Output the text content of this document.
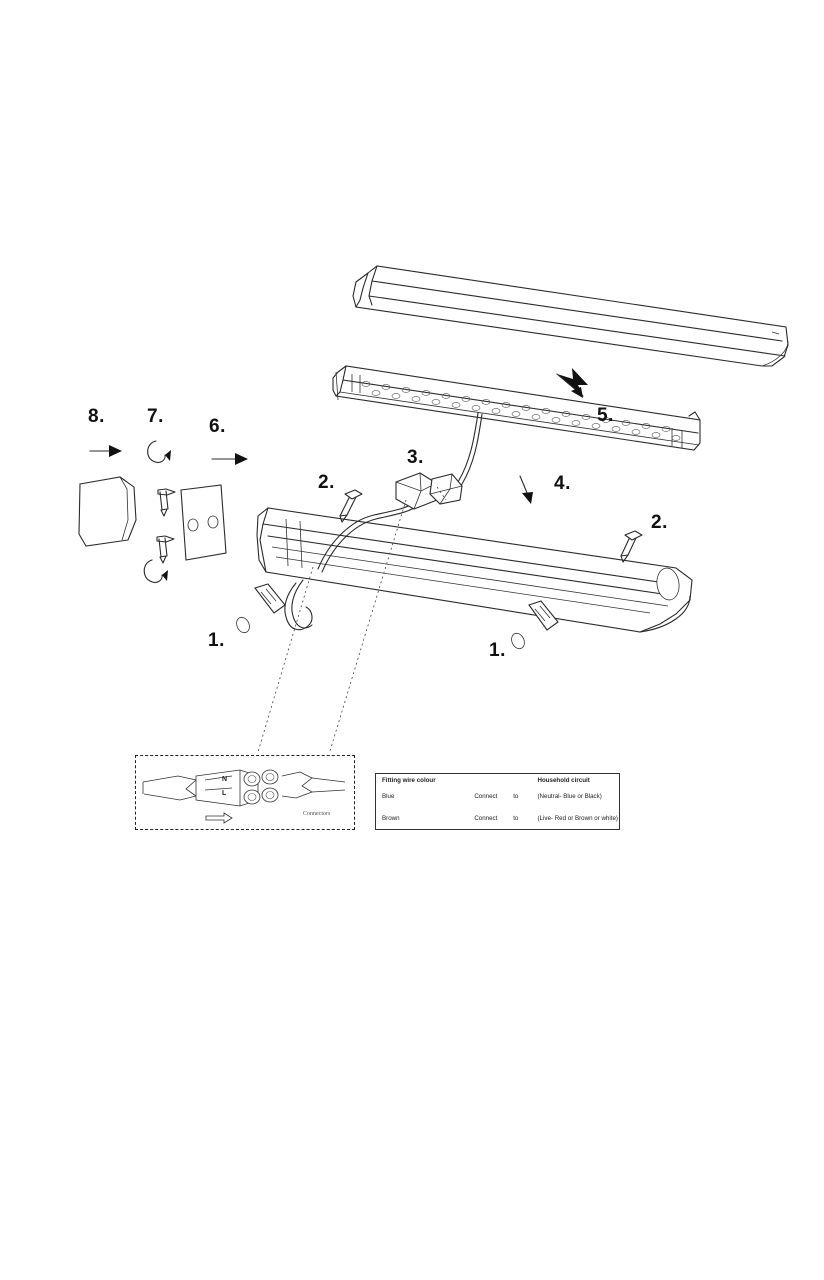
8. 7. 6.
5.
4.
3.
2.
2.
1.	1.
N
L
Connectors
Fitting wire colour			Household circuit
Blue	Connect	to	(Neutral- Blue or Black)
Brown	Connect	to	(Live- Red or Brown or white)
